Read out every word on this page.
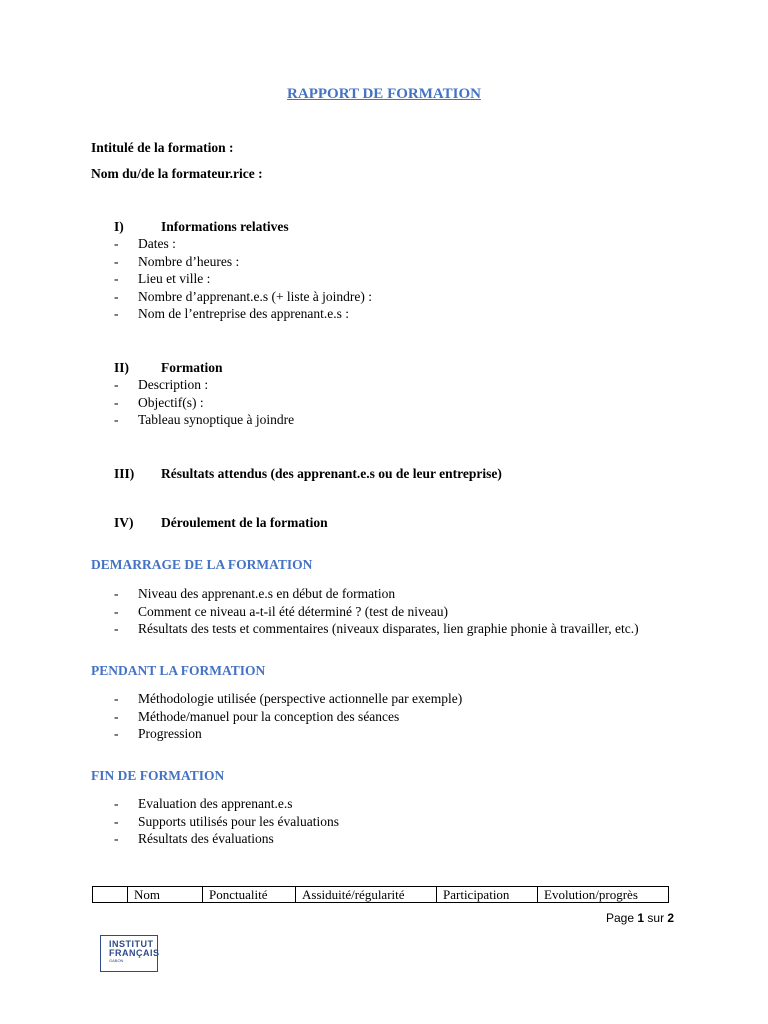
RAPPORT DE FORMATION
Intitulé de la formation :
Nom du/de la formateur.rice :
I)	Informations relatives
- Dates :
- Nombre d’heures :
- Lieu et ville :
- Nombre d’apprenant.e.s (+ liste à joindre) :
- Nom de l’entreprise des apprenant.e.s :
II) Formation
- Description :
- Objectif(s) :
- Tableau synoptique à joindre
III) Résultats attendus (des apprenant.e.s ou de leur entreprise)
IV) Déroulement de la formation
DEMARRAGE DE LA FORMATION
- Niveau des apprenant.e.s en début de formation
- Comment ce niveau a-t-il été déterminé ? (test de niveau)
- Résultats des tests et commentaires (niveaux disparates, lien graphie phonie à travailler, etc.)
PENDANT LA FORMATION
- Méthodologie utilisée (perspective actionnelle par exemple)
- Méthode/manuel pour la conception des séances
- Progression
FIN DE FORMATION
- Evaluation des apprenant.e.s
- Supports utilisés pour les évaluations
- Résultats des évaluations
	Nom	Ponctualité	Assiduité/régularité	Participation	Evolution/progrès
Page 1 sur 2
INSTITUT
FRANÇAIS
GABON
